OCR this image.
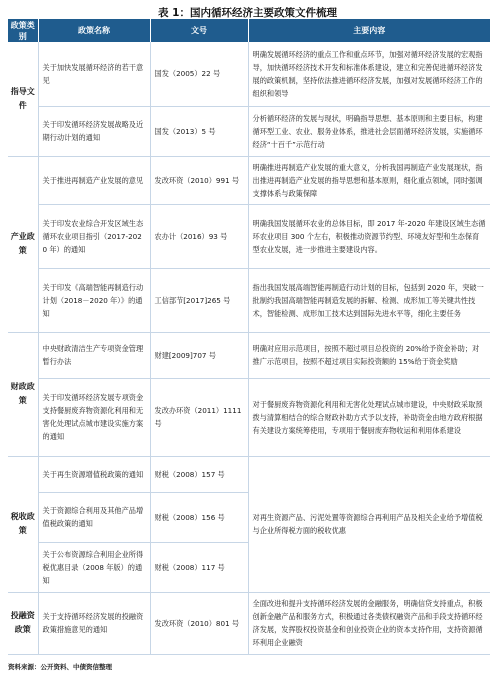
表 1：国内循环经济主要政策文件梳理
政策类别	政策名称	文号	主要内容
指导文件	关于加快发展循环经济的若干意见	国发（2005）22 号	明确发展循环经济的重点工作和重点环节，加强对循环经济发展的宏观指导，加快循环经济技术开发和标准体系建设，建立和完善促进循环经济发展的政策机制，坚持依法推进循环经济发展，加强对发展循环经济工作的组织和领导
	关于印发循环经济发展战略及近期行动计划的通知	国发（2013）5 号	分析循环经济的发展与现状，明确指导思想、基本原则和主要目标，构建循环型工业、农业、服务业体系，推进社会层面循环经济发展，实施循环经济“十百千”示范行动
产业政策	关于推进再制造产业发展的意见	发改环资（2010）991 号	明确推进再制造产业发展的重大意义，分析我国再制造产业发展现状，指出推进再制造产业发展的指导思想和基本原则，细化重点领域，同时强调支撑体系与政策保障
	关于印发农业综合开发区域生态循环农业项目指引（2017-2020 年）的通知	农办计（2016）93 号	明确我国发展循环农业的总体目标，即 2017 年-2020 年建设区域生态循环农业项目 300 个左右，积极推动资源节约型、环境友好型和生态保育型农业发展，进一步推进主要建设内容。
	关于印发《高端智能再制造行动计划（2018－2020 年）》的通知	工信部节[2017]265 号	指出我国发展高端智能再制造行动计划的目标，包括到 2020 年，突破一批制约我国高端智能再制造发展的拆解、检测、成形加工等关键共性技术，智能检测、成形加工技术达到国际先进水平等，细化主要任务
财政政策	中央财政清洁生产专项资金管理暂行办法	财建[2009]707 号	明确对应用示范项目，按照不超过项目总投资的 20%给予资金补助；对推广示范项目，按照不超过项目实际投资额的 15%给于资金奖励
	关于印发循环经济发展专项资金支持餐厨废弃物资源化利用和无害化处理试点城市建设实施方案的通知	发改办环资（2011）1111 号	对于餐厨废弃物资源化利用和无害化处理试点城市建设，中央财政采取预拨与清算相结合的综合财政补助方式予以支持，补助资金由地方政府根据有关建设方案统筹使用，专项用于餐厨废弃物收运和利用体系建设
税收政策	关于再生资源增值税政策的通知	财税（2008）157 号	对再生资源产品、污泥处置等资源综合再利用产品及相关企业给予增值税与企业所得税方面的税收优惠
	关于资源综合利用及其他产品增值税政策的通知	财税（2008）156 号	
	关于公布资源综合利用企业所得税优惠目录（2008 年版）的通知	财税（2008）117 号	
投融资政策	关于支持循环经济发展的投融资政策措施意见的通知	发改环资（2010）801 号	全面改进和提升支持循环经济发展的金融服务，明确信贷支持重点，积极创新金融产品和服务方式，积极通过各类债权融资产品和手段支持循环经济发展，发挥股权投资基金和创业投资企业的资本支持作用，支持资源循环利用企业融资
资料来源：公开资料、中债资信整理
